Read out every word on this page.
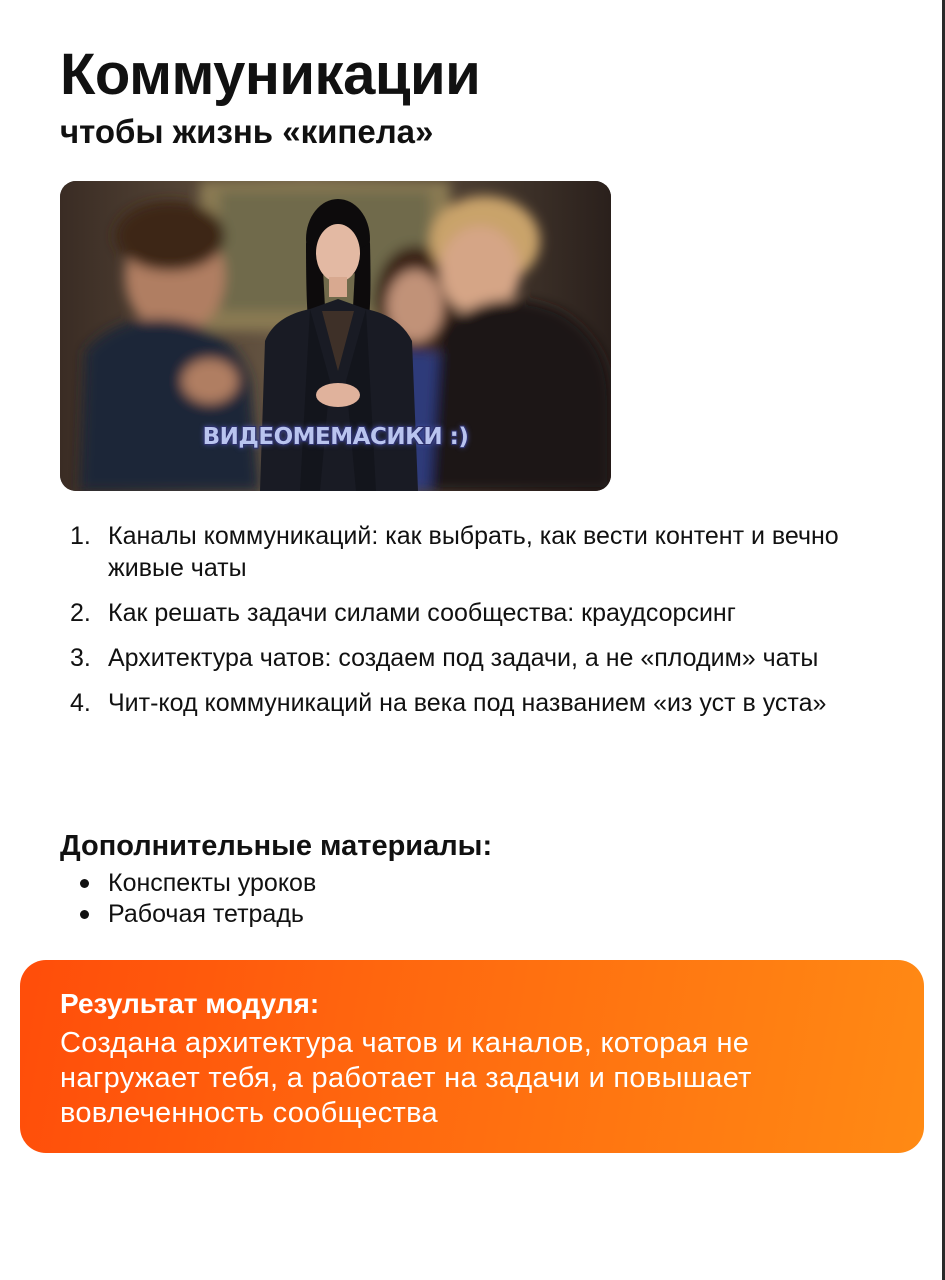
Коммуникации
чтобы жизнь «кипела»
ВИДЕОМЕМАСИКИ :)
1. Каналы коммуникаций: как выбрать, как вести контент и вечно живые чаты
2. Как решать задачи силами сообщества: краудсорсинг
3. Архитектура чатов: создаем под задачи, а не «плодим» чаты
4. Чит-код коммуникаций на века под названием «из уст в уста»
Дополнительные материалы:
Конспекты уроков
Рабочая тетрадь

Результат модуля:

Создана архитектура чатов и каналов, которая не нагружает тебя, а работает на задачи и повышает вовлеченность сообщества
